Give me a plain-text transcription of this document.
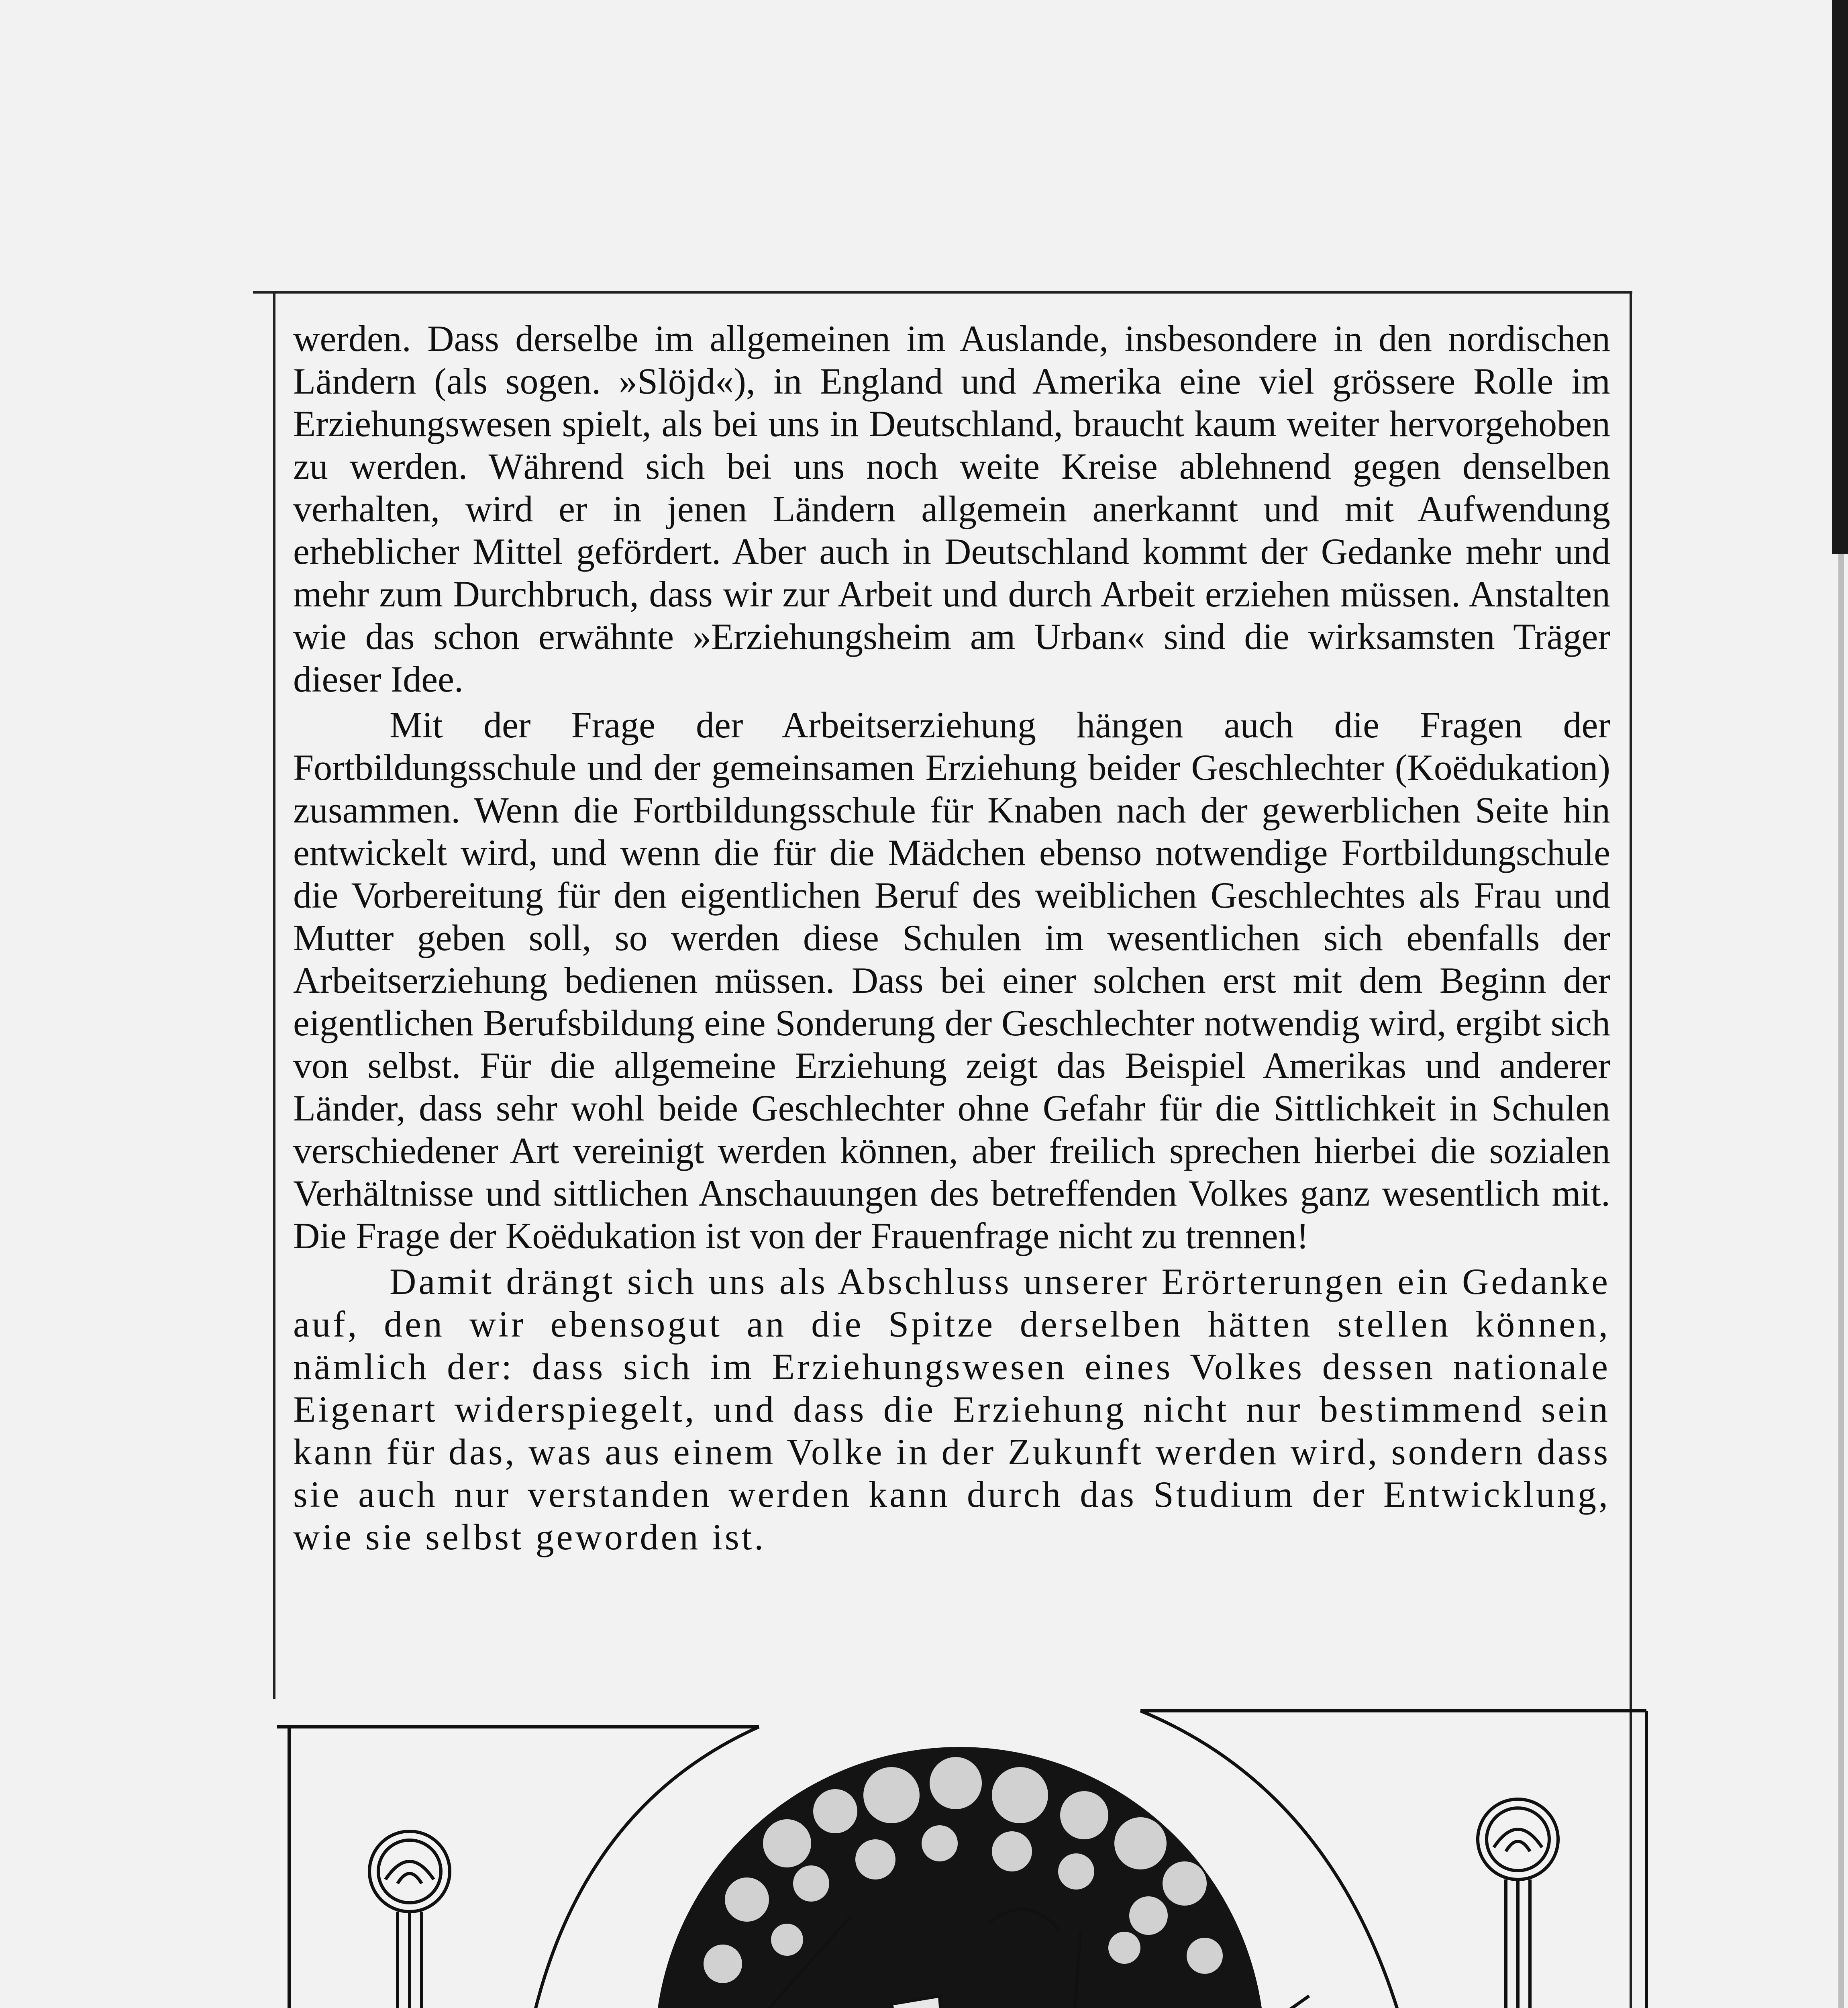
werden. Dass derselbe im allgemeinen im Auslande, insbesondere in den nordischen Ländern (als sogen. »Slöjd«), in England und Amerika eine viel grössere Rolle im Erziehungswesen spielt, als bei uns in Deutschland, braucht kaum weiter hervorgehoben zu werden. Während sich bei uns noch weite Kreise ablehnend gegen denselben verhalten, wird er in jenen Ländern allgemein anerkannt und mit Aufwendung erheblicher Mittel gefördert. Aber auch in Deutschland kommt der Gedanke mehr und mehr zum Durchbruch, dass wir zur Arbeit und durch Arbeit erziehen müssen. Anstalten wie das schon erwähnte »Erziehungsheim am Urban« sind die wirksamsten Träger dieser Idee.

Mit der Frage der Arbeitserziehung hängen auch die Fragen der Fortbildungsschule und der gemeinsamen Erziehung beider Geschlechter (Koëdukation) zusammen. Wenn die Fortbildungsschule für Knaben nach der gewerblichen Seite hin entwickelt wird, und wenn die für die Mädchen ebenso notwendige Fortbildungschule die Vorbereitung für den eigentlichen Beruf des weiblichen Geschlechtes als Frau und Mutter geben soll, so werden diese Schulen im wesentlichen sich ebenfalls der Arbeitserziehung bedienen müssen. Dass bei einer solchen erst mit dem Beginn der eigentlichen Berufsbildung eine Sonderung der Geschlechter notwendig wird, ergibt sich von selbst. Für die allgemeine Erziehung zeigt das Beispiel Amerikas und anderer Länder, dass sehr wohl beide Geschlechter ohne Gefahr für die Sittlichkeit in Schulen verschiedener Art vereinigt werden können, aber freilich sprechen hierbei die sozialen Verhältnisse und sittlichen Anschauungen des betreffenden Volkes ganz wesentlich mit. Die Frage der Koëdukation ist von der Frauenfrage nicht zu trennen!

Damit drängt sich uns als Abschluss unserer Erörterungen ein Gedanke auf, den wir ebensogut an die Spitze derselben hätten stellen können, nämlich der: dass sich im Erziehungswesen eines Volkes dessen nationale Eigenart widerspiegelt, und dass die Erziehung nicht nur bestimmend sein kann für das, was aus einem Volke in der Zukunft werden wird, sondern dass sie auch nur verstanden werden kann durch das Studium der Entwicklung, wie sie selbst geworden ist.
